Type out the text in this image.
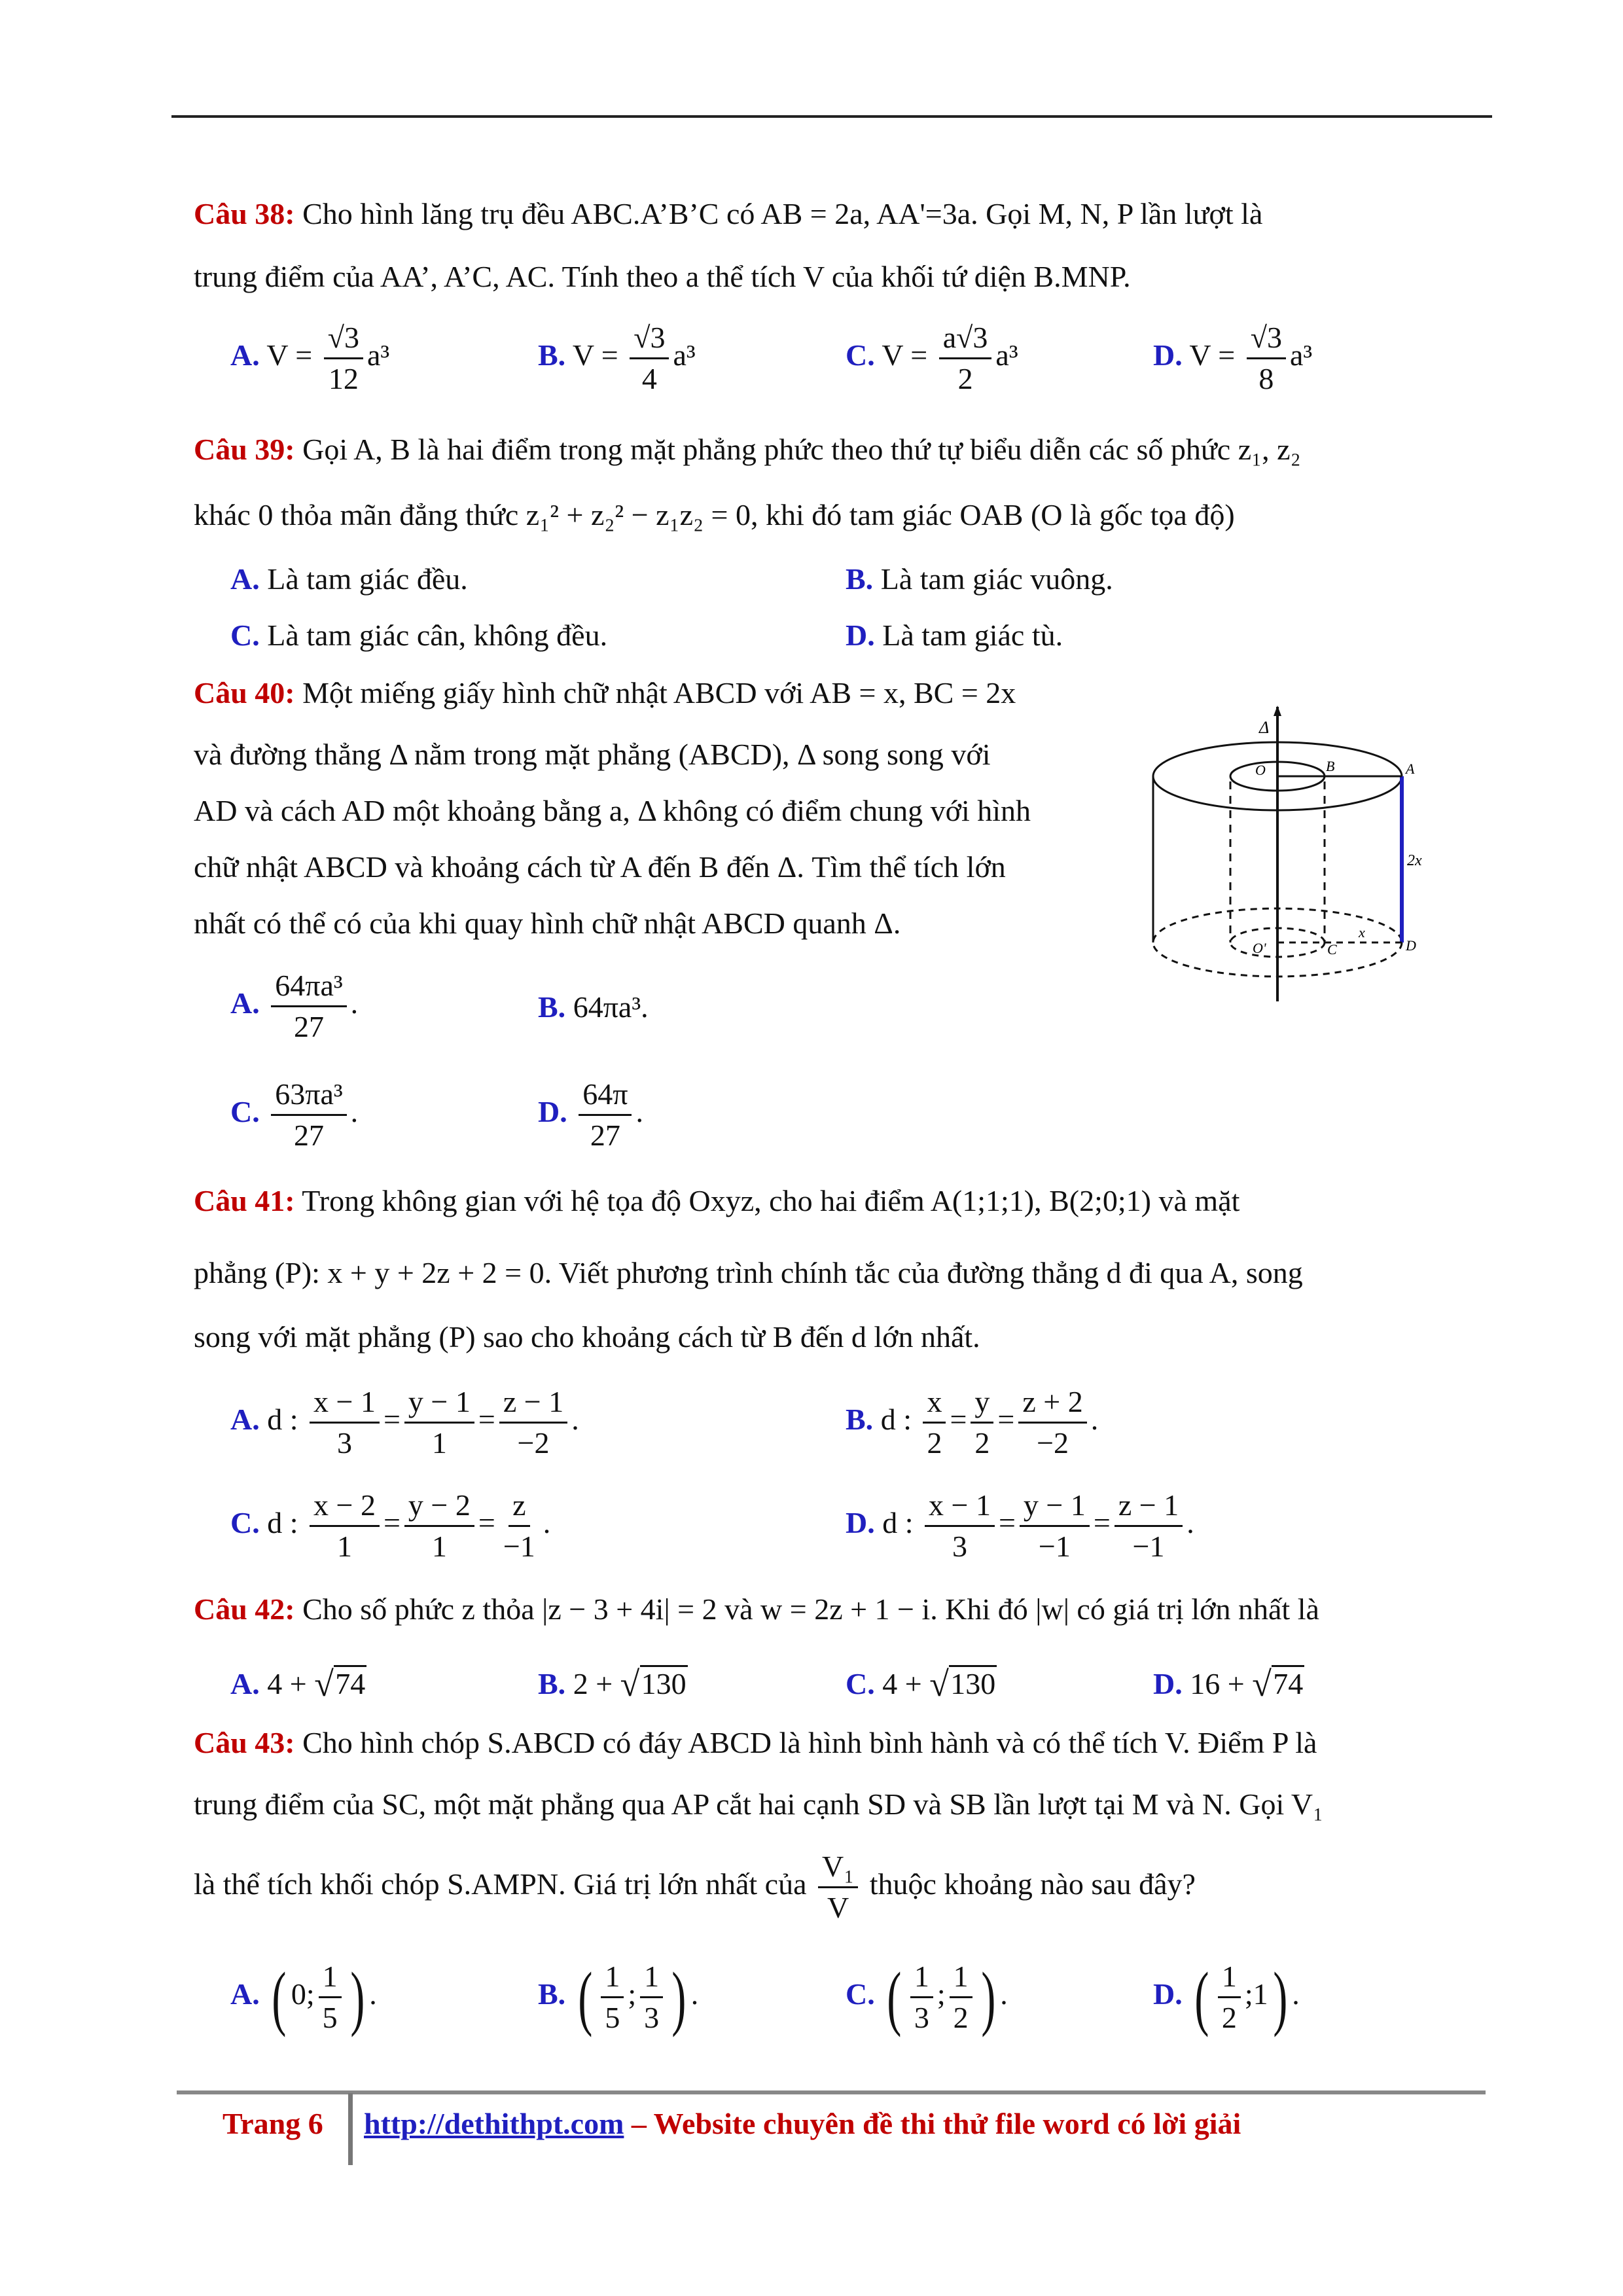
Câu 38: Cho hình lăng trụ đều ABC.A’B’C có AB = 2a, AA'=3a. Gọi M, N, P lần lượt là
trung điểm của AA’, A’C, AC. Tính theo a thể tích V của khối tứ diện B.MNP.
A. $V = \frac{√3}{12} a^3$	B. $V = \frac{√3}{4} a^3$	C. $V = \frac{a√3}{2} a^3$	D. $V = \frac{√3}{8} a^3$
Câu 39: Gọi A, B là hai điểm trong mặt phẳng phức theo thứ tự biểu diễn các số phức z₁, z₂
khác 0 thỏa mãn đẳng thức z₁² + z₂² − z₁z₂ = 0, khi đó tam giác OAB (O là gốc tọa độ)
A. Là tam giác đều.	B. Là tam giác vuông.
C. Là tam giác cân, không đều.	D. Là tam giác tù.
Câu 40: Một miếng giấy hình chữ nhật ABCD với AB = x, BC = 2x
và đường thẳng Δ nằm trong mặt phẳng (ABCD), Δ song song với
AD và cách AD một khoảng bằng a, Δ không có điểm chung với hình
chữ nhật ABCD và khoảng cách từ A đến B đến Δ. Tìm thể tích lớn
nhất có thể có của khi quay hình chữ nhật ABCD quanh Δ.
Δ
O	B	A
D
C
O'
2x
x
A. $\frac{\text{64πa³}}{27}$ .	B. 64πa³.
C. $\frac{\text{63πa³}}{27}$ .	D. $\frac{64\pi}{27}$ .
Câu 41: Trong không gian với hệ tọa độ Oxyz, cho hai điểm A(1;1;1), B(2;0;1) và mặt
phẳng (P): x + y + 2z + 2 = 0. Viết phương trình chính tắc của đường thẳng d đi qua A, song
song với mặt phẳng (P) sao cho khoảng cách từ B đến d lớn nhất.
A. d : $\frac{x - 1}{3} = \frac{y - 1}{1} = \frac{z - 1}{-2}$ .	B. d : $\frac{x}{2} = \frac{y}{2} = \frac{z + 2}{-2}$ .
C. d : $\frac{x - 2}{1} = \frac{y - 2}{1} = \frac{z}{-1}$ .	D. d : $\frac{x - 1}{3} = \frac{y - 1}{-1} = \frac{z - 1}{-1}$ .
Câu 42: Cho số phức z thỏa |z − 3 + 4i| = 2 và w = 2z + 1 − i. Khi đó |w| có giá trị lớn nhất là
A. 4 + √ 74	B. 2 + √ 130	C. 4 + √ 130	D. 16 + √ 74
Câu 43: Cho hình chóp S.ABCD có đáy ABCD là hình bình hành và có thể tích V. Điểm P là
trung điểm của SC, một mặt phẳng qua AP cắt hai cạnh SD và SB lần lượt tại M và N. Gọi V₁
là thể tích khối chóp S.AMPN. Giá trị lớn nhất của $\frac{\text{V₁}}{V}$ thuộc khoảng nào sau đây?
A. ( 0; $\frac{1}{5}$ ) .	B. ( $\frac{1}{5}$ ; $\frac{1}{3}$ ) .	C. ( $\frac{1}{3}$ ; $\frac{1}{2}$ ) .	D. ( $\frac{1}{2}$ ;1) .
Trang 6 http://dethithpt.com – Website chuyên đề thi thử file word có lời giải
